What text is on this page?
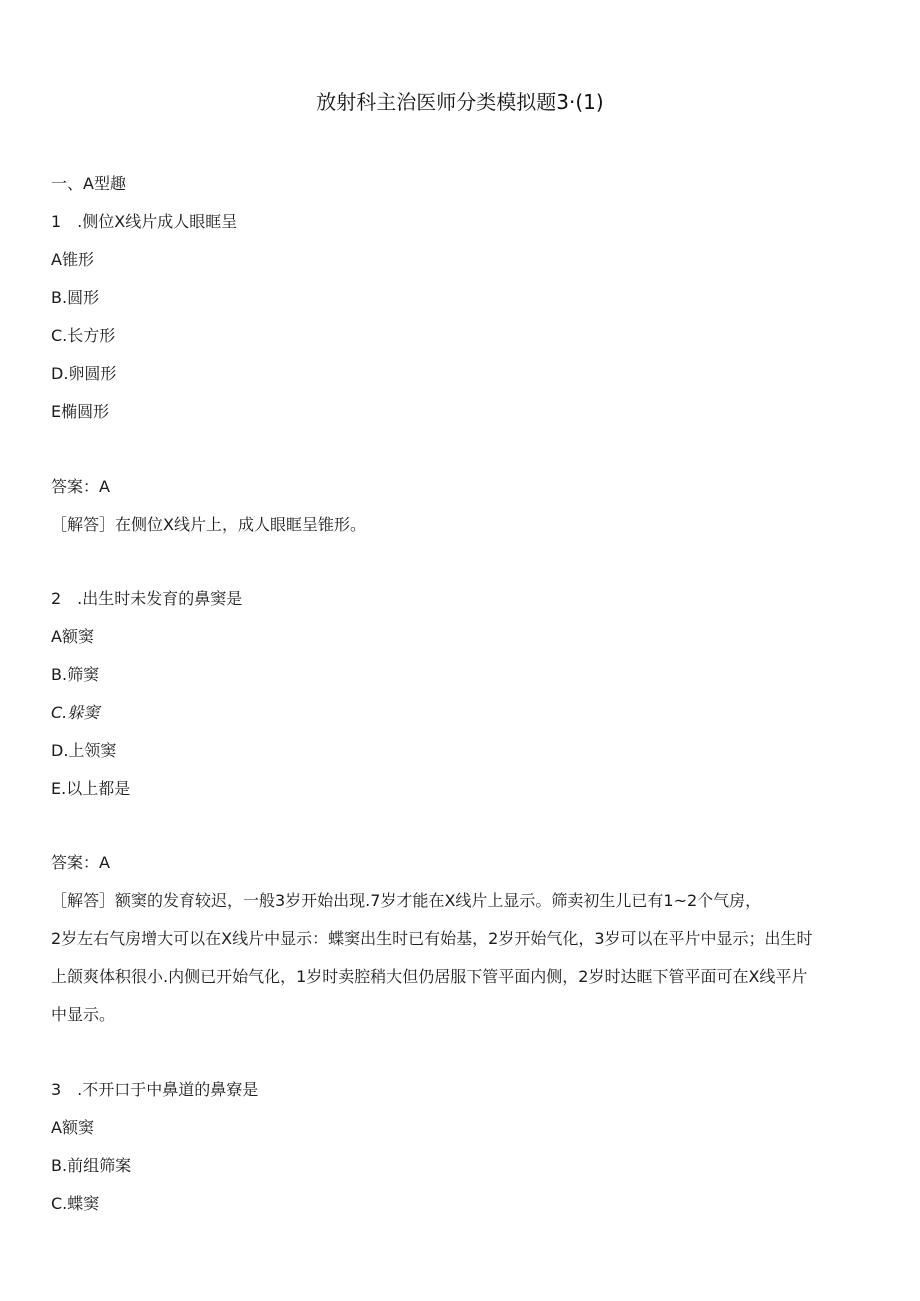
放射科主治医师分类模拟题3·(1)
一、A型趣
1　.侧位X线片成人眼眶呈
A锥形
B.圆形
C.长方形
D.卵圆形
E椭圆形
答案：A
［解答］在侧位X线片上，成人眼眶呈锥形。
2　.出生时未发育的鼻窦是
A额窦
B.筛窦
C.躲窦
D.上领窦
E.以上都是
答案：A
［解答］额窦的发育较迟，一般3岁开始出现.7岁才能在X线片上显示。筛卖初生儿已有1~2个气房，
2岁左右气房增大可以在X线片中显示：蝶窦出生时已有始基，2岁开始气化，3岁可以在平片中显示；出生时
上颌爽体积很小.内侧已开始气化，1岁时卖腔稍大但仍居服下管平面内侧，2岁时达眶下管平面可在X线平片
中显示。
3　.不开口于中鼻道的鼻寮是
A额窦
B.前组筛案
C.蝶窦
